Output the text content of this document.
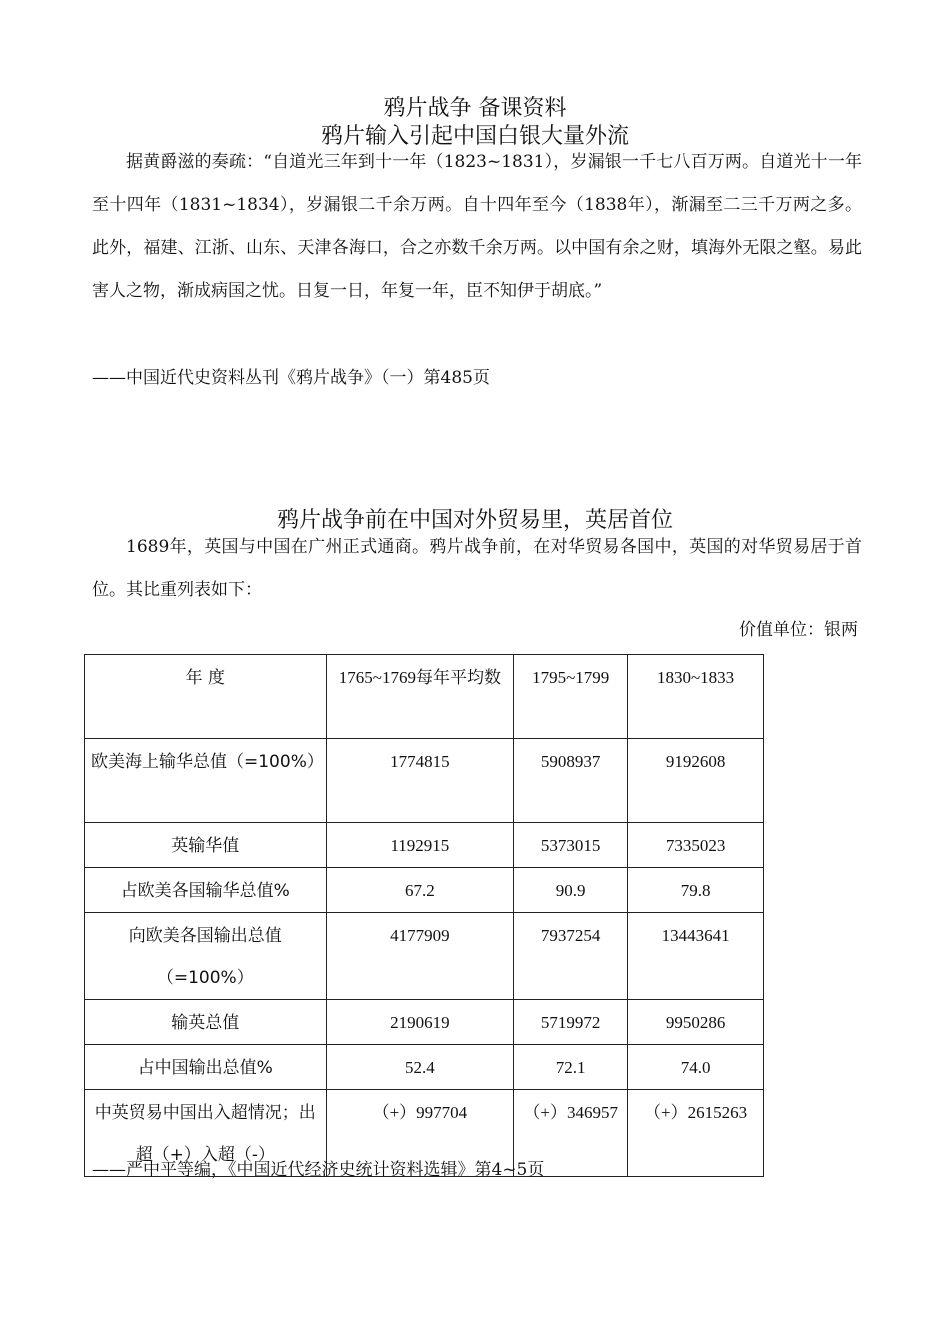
鸦片战争 备课资料
鸦片输入引起中国白银大量外流
据黄爵滋的奏疏：“自道光三年到十一年（1823~1831），岁漏银一千七八百万两。自道光十一年至十四年（1831~1834），岁漏银二千余万两。自十四年至今（1838年），渐漏至二三千万两之多。此外，福建、江浙、山东、天津各海口，合之亦数千余万两。以中国有余之财，填海外无限之壑。易此害人之物，渐成病国之忧。日复一日，年复一年，臣不知伊于胡底。”
——中国近代史资料丛刊《鸦片战争》（一）第485页
鸦片战争前在中国对外贸易里，英居首位
1689年，英国与中国在广州正式通商。鸦片战争前，在对华贸易各国中，英国的对华贸易居于首位。其比重列表如下：
价值单位：银两
年 度	1765~1769每年平均数	1795~1799	1830~1833
欧美海上输华总值（=100%）	1774815	5908937	9192608
英输华值	1192915	5373015	7335023
占欧美各国输华总值%	67.2	90.9	79.8
向欧美各国输出总值（=100%）	4177909	7937254	13443641
输英总值	2190619	5719972	9950286
占中国输出总值%	52.4	72.1	74.0
中英贸易中国出入超情况；出超（+）入超（-）	（+）997704	（+）346957	（+）2615263
——严中平等编，《中国近代经济史统计资料选辑》第4~5页
